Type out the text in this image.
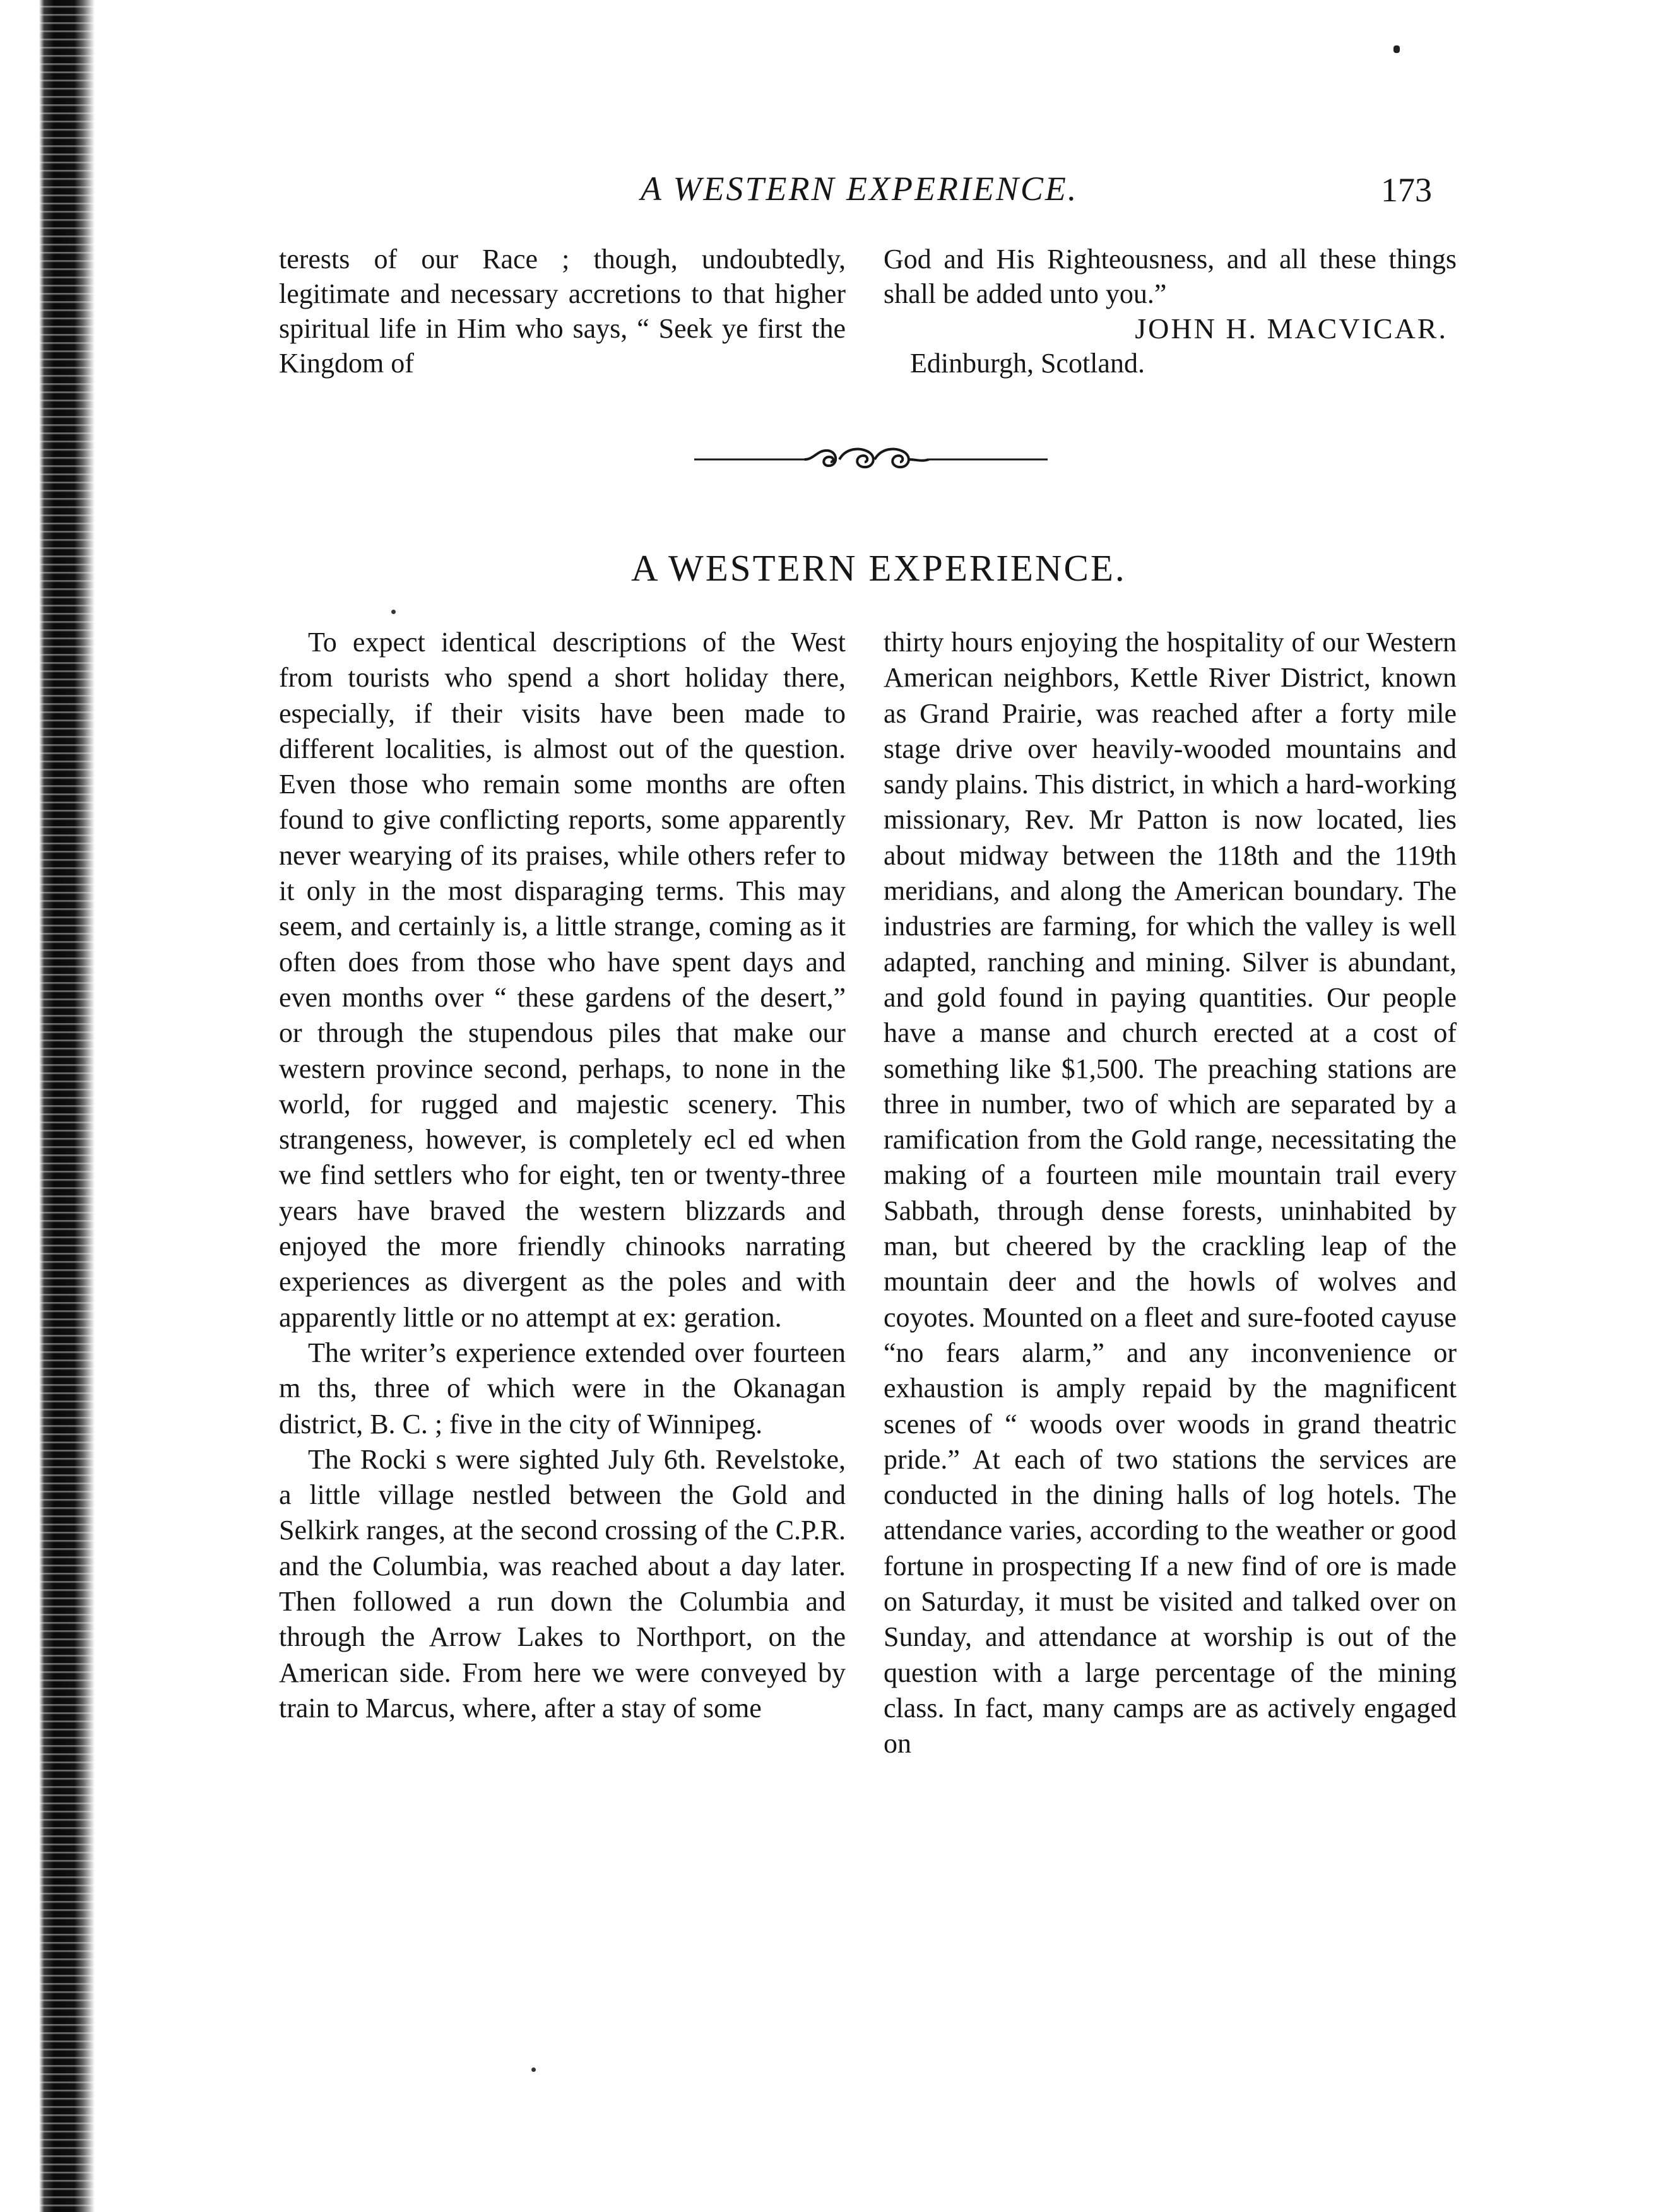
A WESTERN EXPERIENCE.	173

terests of our Race ; though, undoubtedly, legitimate and necessary accretions to that higher spiritual life in Him who says, “ Seek ye first the Kingdom of

God and His Righteousness, and all these things shall be added unto you.”

JOHN H. MACVICAR.

Edinburgh, Scotland.

A WESTERN EXPERIENCE.

To expect identical descriptions of the West from tourists who spend a short holiday there, especially, if their visits have been made to different localities, is almost out of the question. Even those who remain some months are often found to give conflicting reports, some apparently never wearying of its praises, while others refer to it only in the most disparaging terms. This may seem, and certainly is, a little strange, coming as it often does from those who have spent days and even months over “ these gardens of the desert,” or through the stupendous piles that make our western province second, perhaps, to none in the world, for rugged and majestic scenery. This strangeness, however, is completely ecl ed when we find settlers who for eight, ten or twenty-three years have braved the western blizzards and enjoyed the more friendly chinooks narrating experiences as divergent as the poles and with apparently little or no attempt at ex: geration.

The writer’s experience extended over fourteen m ths, three of which were in the Okanagan district, B. C. ; five in the city of Winnipeg.

The Rocki s were sighted July 6th. Revelstoke, a little village nestled between the Gold and Selkirk ranges, at the second crossing of the C.P.R. and the Columbia, was reached about a day later. Then followed a run down the Columbia and through the Arrow Lakes to Northport, on the American side. From here we were conveyed by train to Marcus, where, after a stay of some

thirty hours enjoying the hospitality of our Western American neighbors, Kettle River District, known as Grand Prairie, was reached after a forty mile stage drive over heavily-wooded mountains and sandy plains. This district, in which a hard-working missionary, Rev. Mr Patton is now located, lies about midway between the 118th and the 119th meridians, and along the American boundary. The industries are farming, for which the valley is well adapted, ranching and mining. Silver is abundant, and gold found in paying quantities. Our people have a manse and church erected at a cost of something like $1,500. The preaching stations are three in number, two of which are separated by a ramification from the Gold range, necessitating the making of a fourteen mile mountain trail every Sabbath, through dense forests, uninhabited by man, but cheered by the crackling leap of the mountain deer and the howls of wolves and coyotes. Mounted on a fleet and sure-footed cayuse “no fears alarm,” and any inconvenience or exhaustion is amply repaid by the magnificent scenes of “ woods over woods in grand theatric pride.” At each of two stations the services are conducted in the dining halls of log hotels. The attendance varies, according to the weather or good fortune in prospecting If a new find of ore is made on Saturday, it must be visited and talked over on Sunday, and attendance at worship is out of the question with a large percentage of the mining class. In fact, many camps are as actively engaged on
